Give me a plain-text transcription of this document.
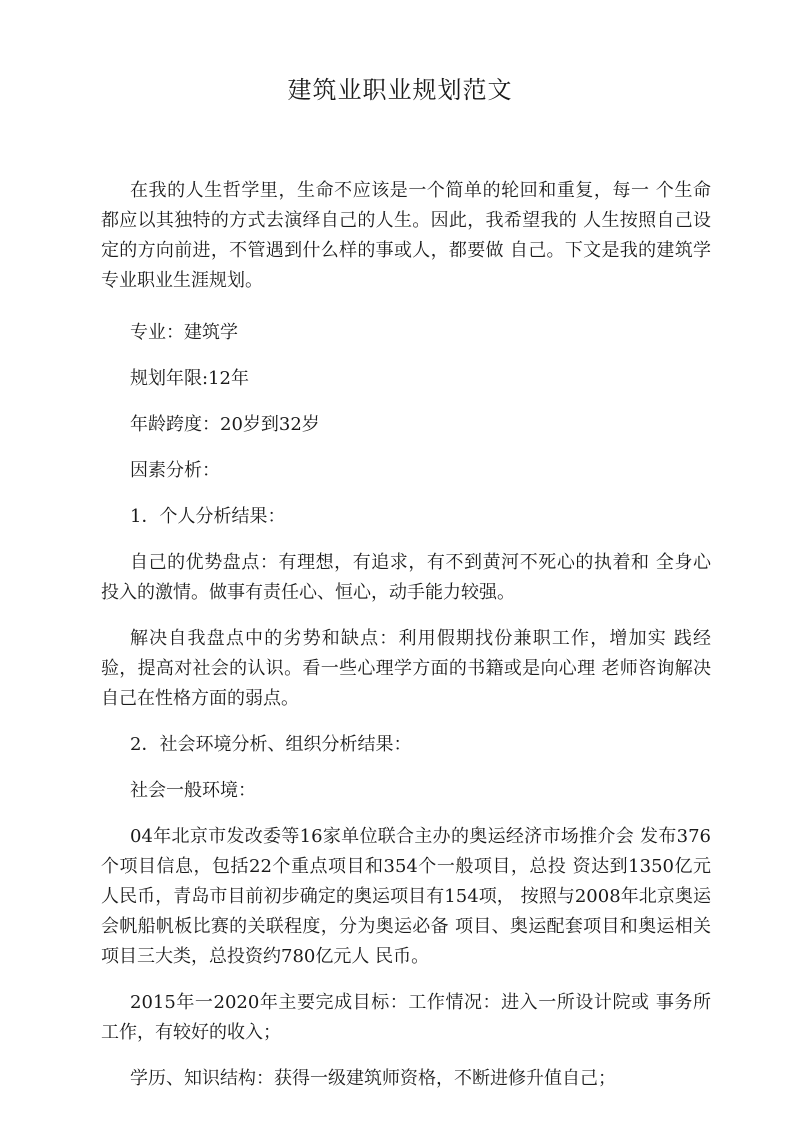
建筑业职业规划范文

在我的人生哲学里，生命不应该是一个简单的轮回和重复，每一 个生命都应以其独特的方式去演绎自己的人生。因此，我希望我的 人生按照自己设定的方向前进，不管遇到什么样的事或人，都要做 自己。下文是我的建筑学专业职业生涯规划。

专业：建筑学

规划年限:12年

年龄跨度：20岁到32岁

因素分析：

1．个人分析结果：

自己的优势盘点：有理想，有追求，有不到黄河不死心的执着和 全身心投入的激情。做事有责任心、恒心，动手能力较强。

解决自我盘点中的劣势和缺点：利用假期找份兼职工作，增加实 践经验，提高对社会的认识。看一些心理学方面的书籍或是向心理 老师咨询解决自己在性格方面的弱点。

2．社会环境分析、组织分析结果：

社会一般环境：

04年北京市发改委等16家单位联合主办的奥运经济市场推介会 发布376个项目信息，包括22个重点项目和354个一般项目，总投 资达到1350亿元人民币，青岛市目前初步确定的奥运项目有154项， 按照与2008年北京奥运会帆船帆板比赛的关联程度，分为奥运必备 项目、奥运配套项目和奥运相关项目三大类，总投资约780亿元人 民币。

2015年一2020年主要完成目标：工作情况：进入一所设计院或 事务所工作，有较好的收入；

学历、知识结构：获得一级建筑师资格，不断进修升值自己；
